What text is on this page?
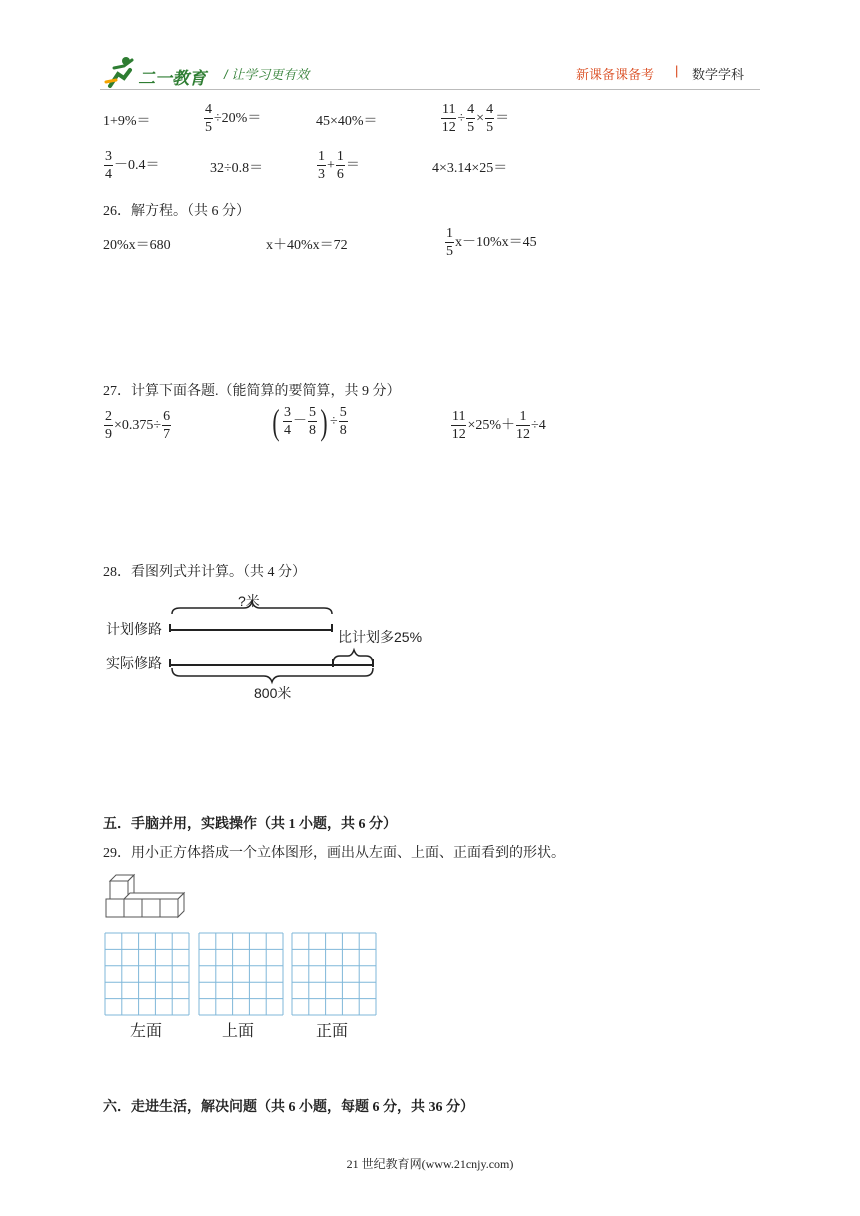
二一教育 / 让学习更有效	新课备课备考 | 数学学科
1+9%＝	$\frac{4}{5} \div 20\%=$	45×40%＝	$\frac{11}{12} \div \frac{4}{5} \times \frac{4}{5}$ ＝
$\frac{3}{4} -0.4=$	32÷0.8＝	$\frac{1}{3} + \frac{1}{6}$ ＝	4×3.14×25＝
26．解方程。（共 6 分）
20%x＝680	x＋40%x＝72	$\frac{1}{5} x-10\%x=45$
27．计算下面各题.（能简算的要简算，共 9 分）
$\frac{2}{9} \times 0.375\div \frac{6}{7}$	( $\frac{3}{4} - \frac{5}{8}$ ) ÷ $\frac{5}{8}$	$\frac{11}{12} \times 25\%+ \frac{1}{12} \div 4$
28．看图列式并计算。（共 4 分）
?米
计划修路	比计划多25%
实际修路
800米
五．手脑并用，实践操作（共 1 小题，共 6 分）
29．用小正方体搭成一个立体图形，画出从左面、上面、正面看到的形状。
左面	上面	正面
六．走进生活，解决问题（共 6 小题，每题 6 分，共 36 分）
21 世纪教育网(www.21cnjy.com)
